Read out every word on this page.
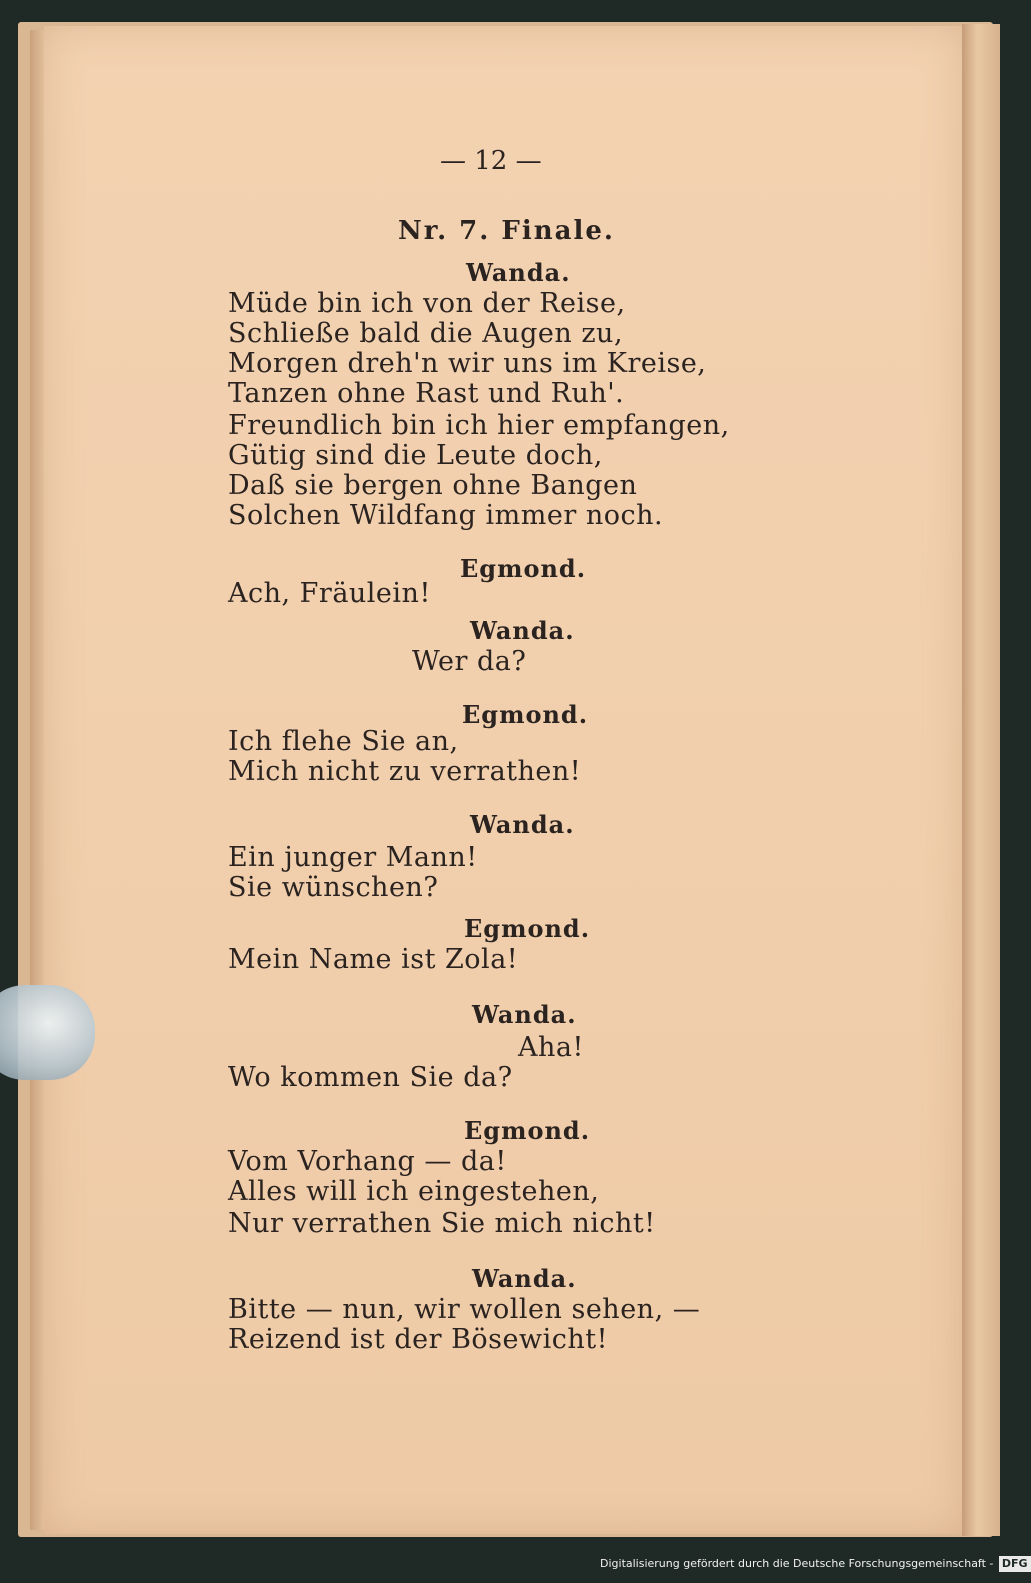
— 12 —
Nr. 7. Finale.
Wanda.
Müde bin ich von der Reise,
Schließe bald die Augen zu,
Morgen dreh'n wir uns im Kreise,
Tanzen ohne Rast und Ruh'.
Freundlich bin ich hier empfangen,
Gütig sind die Leute doch,
Daß sie bergen ohne Bangen
Solchen Wildfang immer noch.
Egmond.
Ach, Fräulein!
Wanda.
Wer da?
Egmond.
Ich flehe Sie an,
Mich nicht zu verrathen!
Wanda.
Ein junger Mann!
Sie wünschen?
Egmond.
Mein Name ist Zola!
Wanda.
Aha!
Wo kommen Sie da?
Egmond.
Vom Vorhang — da!
Alles will ich eingestehen,
Nur verrathen Sie mich nicht!
Wanda.
Bitte — nun, wir wollen sehen, —
Reizend ist der Bösewicht!
Digitalisierung gefördert durch die Deutsche Forschungsgemeinschaft - DFG
